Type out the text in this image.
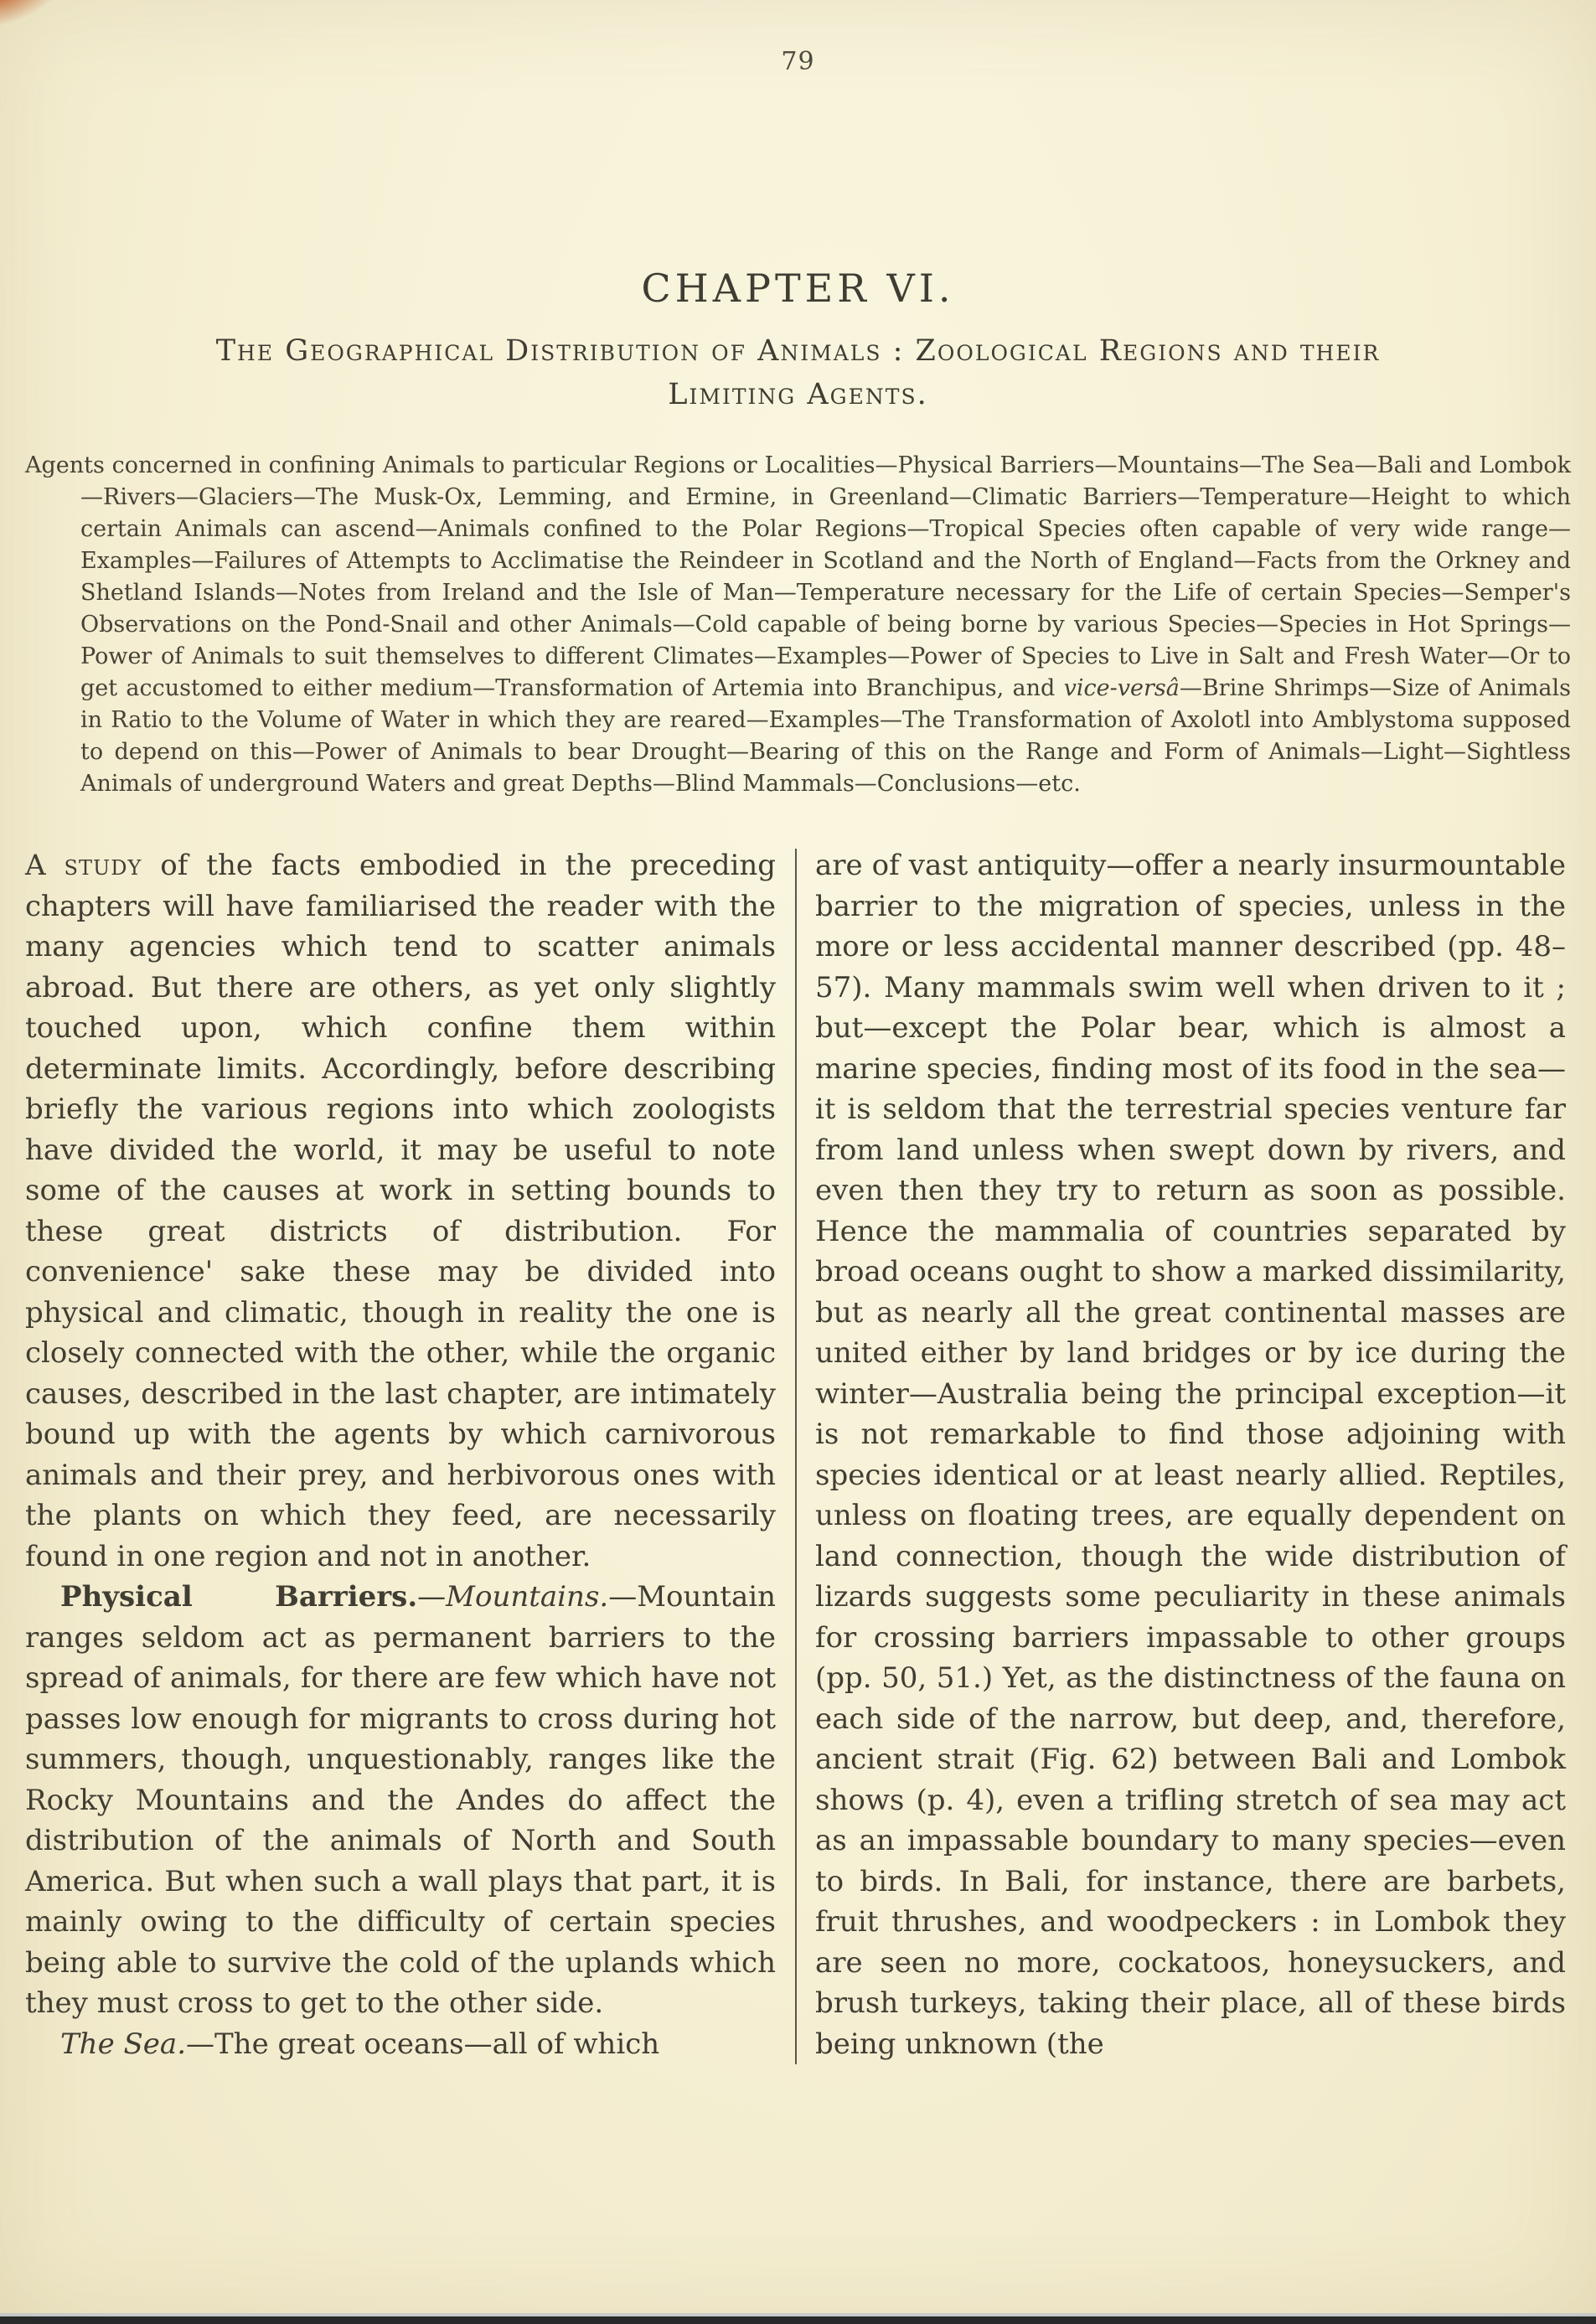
79
CHAPTER VI.
The Geographical Distribution of Animals : Zoological Regions and their
Limiting Agents.
Agents concerned in confining Animals to particular Regions or Localities—Physical Barriers—Mountains—The Sea—Bali and Lombok—Rivers—Glaciers—The Musk-Ox, Lemming, and Ermine, in Greenland—Climatic Barriers—Temperature—Height to which certain Animals can ascend—Animals confined to the Polar Regions—Tropical Species often capable of very wide range—Examples—Failures of Attempts to Acclimatise the Reindeer in Scotland and the North of England—Facts from the Orkney and Shetland Islands—Notes from Ireland and the Isle of Man—Temperature necessary for the Life of certain Species—Semper's Observations on the Pond-Snail and other Animals—Cold capable of being borne by various Species—Species in Hot Springs—Power of Animals to suit themselves to different Climates—Examples—Power of Species to Live in Salt and Fresh Water—Or to get accustomed to either medium—Transformation of Artemia into Branchipus, and vice-versâ—Brine Shrimps—Size of Animals in Ratio to the Volume of Water in which they are reared—Examples—The Transformation of Axolotl into Amblystoma supposed to depend on this—Power of Animals to bear Drought—Bearing of this on the Range and Form of Animals—Light—Sightless Animals of underground Waters and great Depths—Blind Mammals—Conclusions—etc.

A study of the facts embodied in the preceding chapters will have familiarised the reader with the many agencies which tend to scatter animals abroad. But there are others, as yet only slightly touched upon, which confine them within determinate limits. Accordingly, before describing briefly the various regions into which zoologists have divided the world, it may be useful to note some of the causes at work in setting bounds to these great districts of distribution. For convenience' sake these may be divided into physical and climatic, though in reality the one is closely connected with the other, while the organic causes, described in the last chapter, are intimately bound up with the agents by which carnivorous animals and their prey, and herbivorous ones with the plants on which they feed, are necessarily found in one region and not in another.

Physical Barriers.—Mountains.—Mountain ranges seldom act as permanent barriers to the spread of animals, for there are few which have not passes low enough for migrants to cross during hot summers, though, unquestionably, ranges like the Rocky Mountains and the Andes do affect the distribution of the animals of North and South America. But when such a wall plays that part, it is mainly owing to the difficulty of certain species being able to survive the cold of the uplands which they must cross to get to the other side.

The Sea.—The great oceans—all of which

are of vast antiquity—offer a nearly insurmountable barrier to the migration of species, unless in the more or less accidental manner described (pp. 48–57). Many mammals swim well when driven to it ; but—except the Polar bear, which is almost a marine species, finding most of its food in the sea—it is seldom that the terrestrial species venture far from land unless when swept down by rivers, and even then they try to return as soon as possible. Hence the mammalia of countries separated by broad oceans ought to show a marked dissimilarity, but as nearly all the great continental masses are united either by land bridges or by ice during the winter—Australia being the principal exception—it is not remarkable to find those adjoining with species identical or at least nearly allied. Reptiles, unless on floating trees, are equally dependent on land connection, though the wide distribution of lizards suggests some peculiarity in these animals for crossing barriers impassable to other groups (pp. 50, 51.) Yet, as the distinctness of the fauna on each side of the narrow, but deep, and, therefore, ancient strait (Fig. 62) between Bali and Lombok shows (p. 4), even a trifling stretch of sea may act as an impassable boundary to many species—even to birds. In Bali, for instance, there are barbets, fruit thrushes, and woodpeckers : in Lombok they are seen no more, cockatoos, honeysuckers, and brush turkeys, taking their place, all of these birds being unknown (the
